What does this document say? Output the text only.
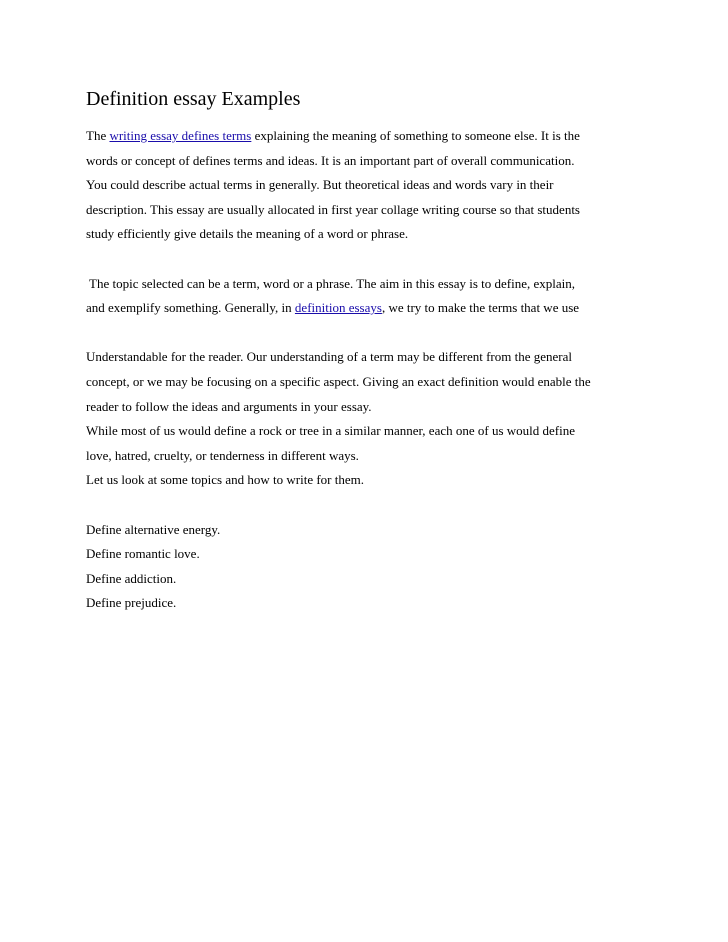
Definition essay Examples
The writing essay defines terms explaining the meaning of something to someone else. It is the
words or concept of defines terms and ideas. It is an important part of overall communication.
You could describe actual terms in generally. But theoretical ideas and words vary in their
description. This essay are usually allocated in first year collage writing course so that students
study efficiently give details the meaning of a word or phrase.
The topic selected can be a term, word or a phrase. The aim in this essay is to define, explain,
and exemplify something. Generally, in definition essays, we try to make the terms that we use
Understandable for the reader. Our understanding of a term may be different from the general
concept, or we may be focusing on a specific aspect. Giving an exact definition would enable the
reader to follow the ideas and arguments in your essay.
While most of us would define a rock or tree in a similar manner, each one of us would define
love, hatred, cruelty, or tenderness in different ways.
Let us look at some topics and how to write for them.
Define alternative energy.
Define romantic love.
Define addiction.
Define prejudice.
